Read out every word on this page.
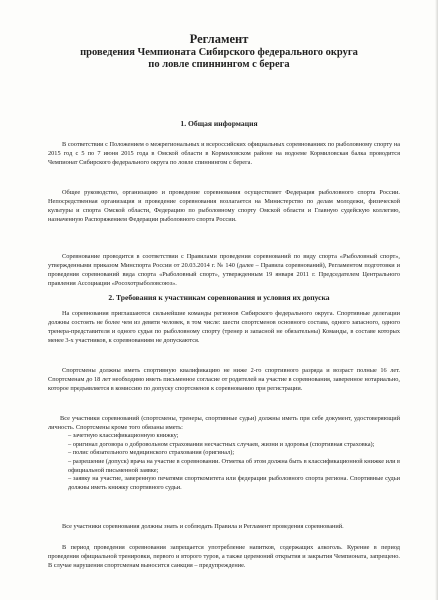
Регламент

проведения Чемпионата Сибирского федерального округа

по ловле спиннингом с берега

1. Общая информация

В соответствии с Положением о межрегиональных и всероссийских официальных соревнованиях по рыболовному спорту на 2015 год с 5 по 7 июня 2015 года в Омской области в Кормиловском районе на водоеме Кормиловская балка проводится Чемпионат Сибирского федерального округа по ловле спиннингом с берега.

Общее руководство, организацию и проведение соревнования осуществляет Федерация рыболовного спорта России. Непосредственная организация и проведение соревнования возлагается на Министерство по делам молодежи, физической культуры и спорта Омской области, Федерацию по рыболовному спорту Омской области и Главную судейскую коллегию, назначенную Распоряжением Федерации рыболовного спорта России.

Соревнование проводится в соответствии с Правилами проведения соревнований по виду спорта «Рыболовный спорт», утвержденными приказом Минспорта России от 20.03.2014 г. № 140 (далее – Правила соревнований), Регламентом подготовки и проведения соревнований вида спорта «Рыболовный спорт», утвержденным 19 января 2011 г. Председателем Центрального правления Ассоциации «Росохотрыболовсоюз».

2. Требования к участникам соревнования и условия их допуска

На соревнования приглашаются сильнейшие команды регионов Сибирского федерального округа. Спортивные делегации должны состоять не более чем из девяти человек, в том числе: шести спортсменов основного состава, одного запасного, одного тренера-представителя и одного судьи по рыболовному спорту (тренер и запасной не обязательны) Команды, в составе которых менее 3-х участников, к соревнованиям не допускаются.

Спортсмены должны иметь спортивную квалификацию не ниже 2-го спортивного разряда и возраст полные 16 лет. Спортсменам до 18 лет необходимо иметь письменное согласие от родителей на участие в соревнования, заверенное нотариально, которое предъявляется в комиссию по допуску спортсменов к соревнованию при регистрации.

Все участники соревнований (спортсмены, тренеры, спортивные судьи) должны иметь при себе документ, удостоверяющий личность. Спортсмены кроме того обязаны иметь:
– зачетную классификационную книжку;
– оригинал договора о добровольном страховании несчастных случаев, жизни и здоровья (спортивная страховка);
– полис обязательного медицинского страхования (оригинал);
– разрешение (допуск) врача на участие в соревновании. Отметка об этом должна быть в классификационной книжке или в официальной письменной заявке;
– заявку на участие, заверенную печатями спорткомитета или федерации рыболовного спорта региона. Спортивные судьи должны иметь книжку спортивного судьи.

Все участники соревнования должны знать и соблюдать Правила и Регламент проведения соревнований.

В период проведения соревнования запрещается употребление напитков, содержащих алкоголь. Курение в период проведения официальной тренировки, первого и второго туров, а также церемоний открытия и закрытия Чемпионата, запрещено. В случае нарушения спортсменам выносится санкция – предупреждение.
